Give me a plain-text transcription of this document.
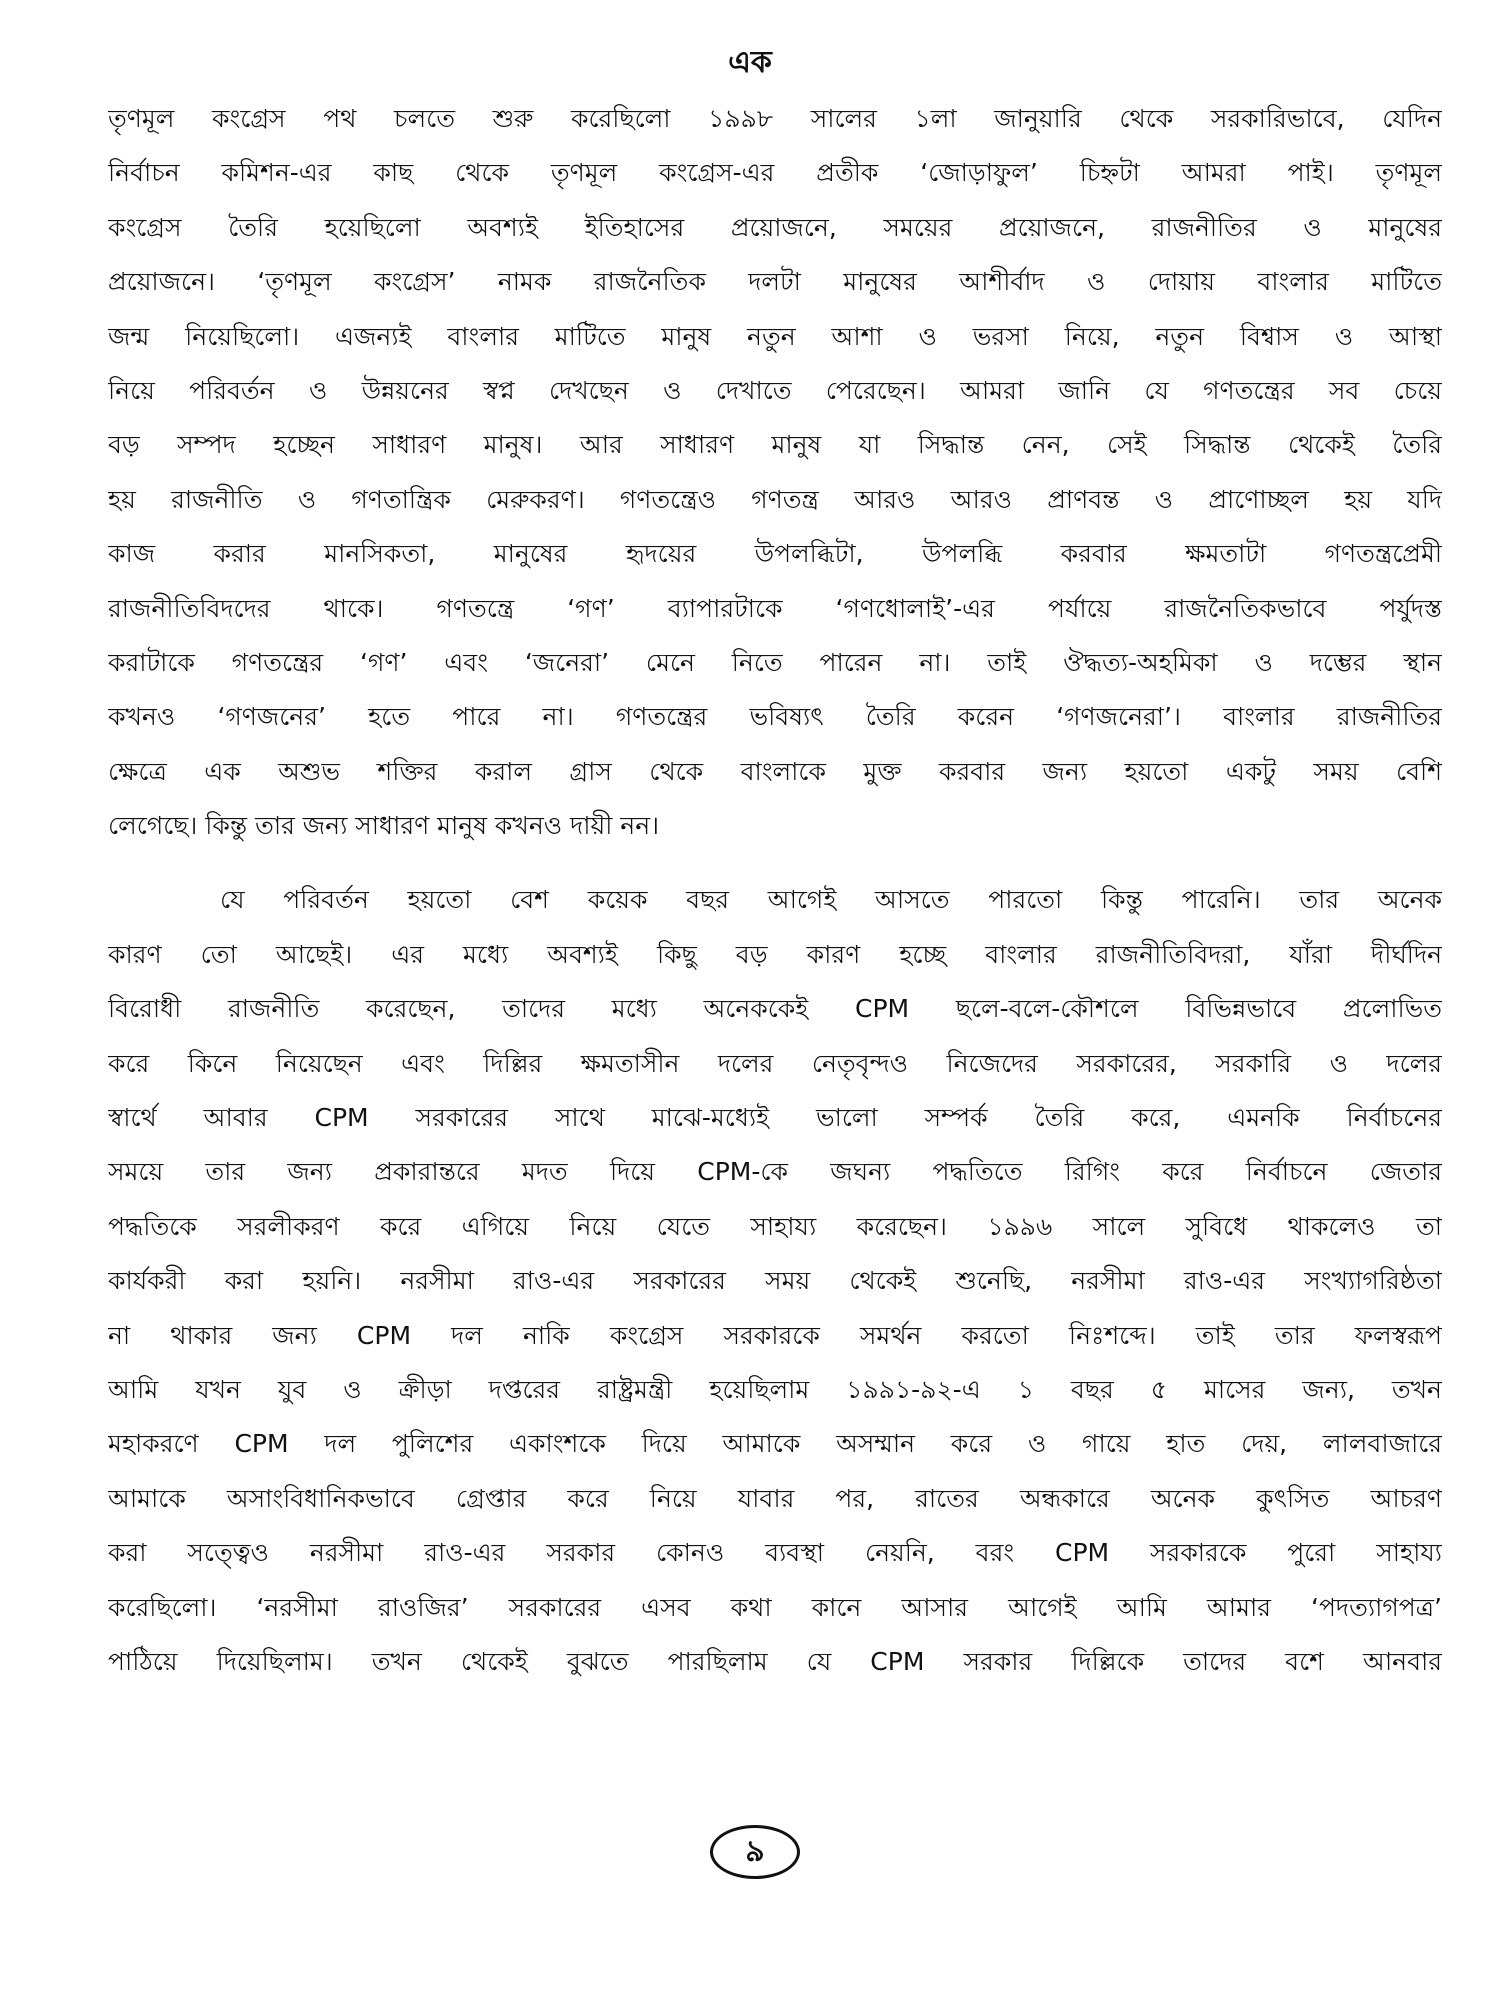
এক
তৃণমূল কংগ্রেস পথ চলতে শুরু করেছিলো ১৯৯৮ সালের ১লা জানুয়ারি থেকে সরকারিভাবে, যেদিন
নির্বাচন কমিশন-এর কাছ থেকে তৃণমূল কংগ্রেস-এর প্রতীক ‘জোড়াফুল’ চিহ্নটা আমরা পাই। তৃণমূল
কংগ্রেস তৈরি হয়েছিলো অবশ্যই ইতিহাসের প্রয়োজনে, সময়ের প্রয়োজনে, রাজনীতির ও মানুষের
প্রয়োজনে। ‘তৃণমূল কংগ্রেস’ নামক রাজনৈতিক দলটা মানুষের আশীর্বাদ ও দোয়ায় বাংলার মাটিতে
জন্ম নিয়েছিলো। এজন্যই বাংলার মাটিতে মানুষ নতুন আশা ও ভরসা নিয়ে, নতুন বিশ্বাস ও আস্থা
নিয়ে পরিবর্তন ও উন্নয়নের স্বপ্ন দেখছেন ও দেখাতে পেরেছেন। আমরা জানি যে গণতন্ত্রের সব চেয়ে
বড় সম্পদ হচ্ছেন সাধারণ মানুষ। আর সাধারণ মানুষ যা সিদ্ধান্ত নেন, সেই সিদ্ধান্ত থেকেই তৈরি
হয় রাজনীতি ও গণতান্ত্রিক মেরুকরণ। গণতন্ত্রেও গণতন্ত্র আরও আরও প্রাণবন্ত ও প্রাণোচ্ছল হয় যদি
কাজ করার মানসিকতা, মানুষের হৃদয়ের উপলব্ধিটা, উপলব্ধি করবার ক্ষমতাটা গণতন্ত্রপ্রেমী
রাজনীতিবিদদের থাকে। গণতন্ত্রে ‘গণ’ ব্যাপারটাকে ‘গণধোলাই’-এর পর্যায়ে রাজনৈতিকভাবে পর্যুদস্ত
করাটাকে গণতন্ত্রের ‘গণ’ এবং ‘জনেরা’ মেনে নিতে পারেন না। তাই ঔদ্ধত্য-অহমিকা ও দম্ভের স্থান
কখনও ‘গণজনের’ হতে পারে না। গণতন্ত্রের ভবিষ্যৎ তৈরি করেন ‘গণজনেরা’। বাংলার রাজনীতির
ক্ষেত্রে এক অশুভ শক্তির করাল গ্রাস থেকে বাংলাকে মুক্ত করবার জন্য হয়তো একটু সময় বেশি
লেগেছে। কিন্তু তার জন্য সাধারণ মানুষ কখনও দায়ী নন।
যে পরিবর্তন হয়তো বেশ কয়েক বছর আগেই আসতে পারতো কিন্তু পারেনি। তার অনেক
কারণ তো আছেই। এর মধ্যে অবশ্যই কিছু বড় কারণ হচ্ছে বাংলার রাজনীতিবিদরা, যাঁরা দীর্ঘদিন
বিরোধী রাজনীতি করেছেন, তাদের মধ্যে অনেককেই CPM ছলে-বলে-কৌশলে বিভিন্নভাবে প্রলোভিত
করে কিনে নিয়েছেন এবং দিল্লির ক্ষমতাসীন দলের নেতৃবৃন্দও নিজেদের সরকারের, সরকারি ও দলের
স্বার্থে আবার CPM সরকারের সাথে মাঝে-মধ্যেই ভালো সম্পর্ক তৈরি করে, এমনকি নির্বাচনের
সময়ে তার জন্য প্রকারান্তরে মদত দিয়ে CPM-কে জঘন্য পদ্ধতিতে রিগিং করে নির্বাচনে জেতার
পদ্ধতিকে সরলীকরণ করে এগিয়ে নিয়ে যেতে সাহায্য করেছেন। ১৯৯৬ সালে সুবিধে থাকলেও তা
কার্যকরী করা হয়নি। নরসীমা রাও-এর সরকারের সময় থেকেই শুনেছি, নরসীমা রাও-এর সংখ্যাগরিষ্ঠতা
না থাকার জন্য CPM দল নাকি কংগ্রেস সরকারকে সমর্থন করতো নিঃশব্দে। তাই তার ফলস্বরূপ
আমি যখন যুব ও ক্রীড়া দপ্তরের রাষ্ট্রমন্ত্রী হয়েছিলাম ১৯৯১-৯২-এ ১ বছর ৫ মাসের জন্য, তখন
মহাকরণে CPM দল পুলিশের একাংশকে দিয়ে আমাকে অসম্মান করে ও গায়ে হাত দেয়, লালবাজারে
আমাকে অসাংবিধানিকভাবে গ্রেপ্তার করে নিয়ে যাবার পর, রাতের অন্ধকারে অনেক কুৎসিত আচরণ
করা সত্ত্বেও নরসীমা রাও-এর সরকার কোনও ব্যবস্থা নেয়নি, বরং CPM সরকারকে পুরো সাহায্য
করেছিলো। ‘নরসীমা রাওজির’ সরকারের এসব কথা কানে আসার আগেই আমি আমার ‘পদত্যাগপত্র’
পাঠিয়ে দিয়েছিলাম। তখন থেকেই বুঝতে পারছিলাম যে CPM সরকার দিল্লিকে তাদের বশে আনবার
৯
